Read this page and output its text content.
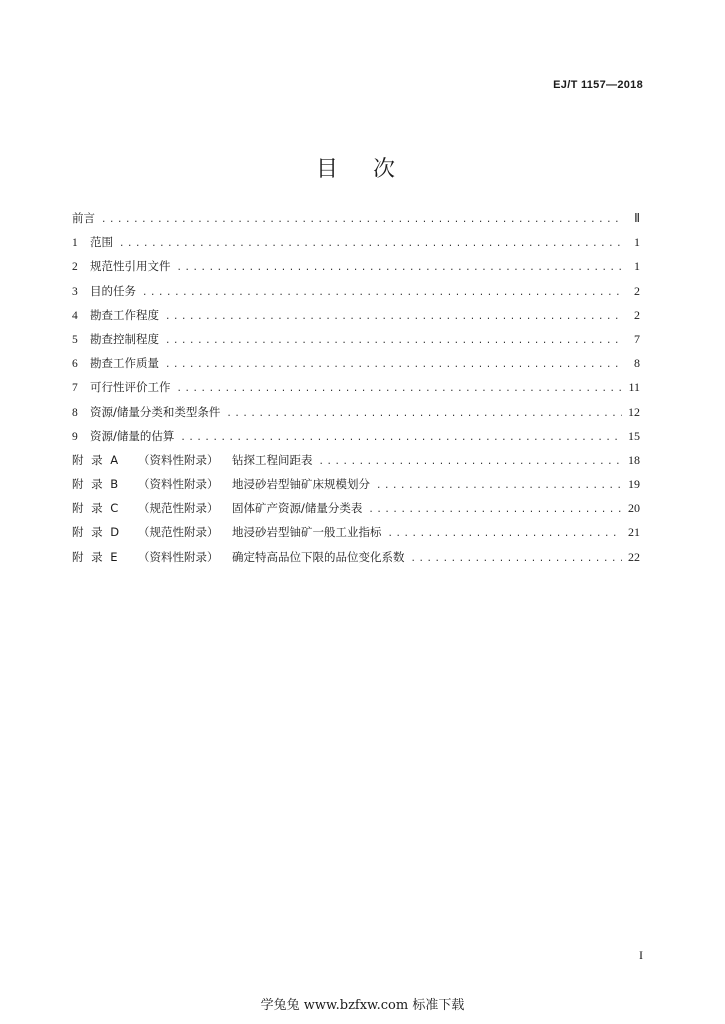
EJ/T 1157—2018
目 次
前言 .....	Ⅱ
1	范围 .....	1
2	规范性引用文件 .....	1
3	目的任务 .....	2
4	勘查工作程度 .....	2
5	勘查控制程度 .....	7
6	勘查工作质量 .....	8
7	可行性评价工作 .....	11
8	资源/储量分类和类型条件 .....	12
9	资源/储量的估算 .....	15
附 录 A	（资料性附录）	钻探工程间距表 .....	18
附 录 B	（资料性附录）	地浸砂岩型铀矿床规模划分 .....	19
附 录 C	（规范性附录）	固体矿产资源/储量分类表 .....	20
附 录 D	（规范性附录）	地浸砂岩型铀矿一般工业指标 .....	21
附 录 E	（资料性附录）	确定特高品位下限的品位变化系数 .....	22
I
学兔兔 www.bzfxw.com 标准下载
